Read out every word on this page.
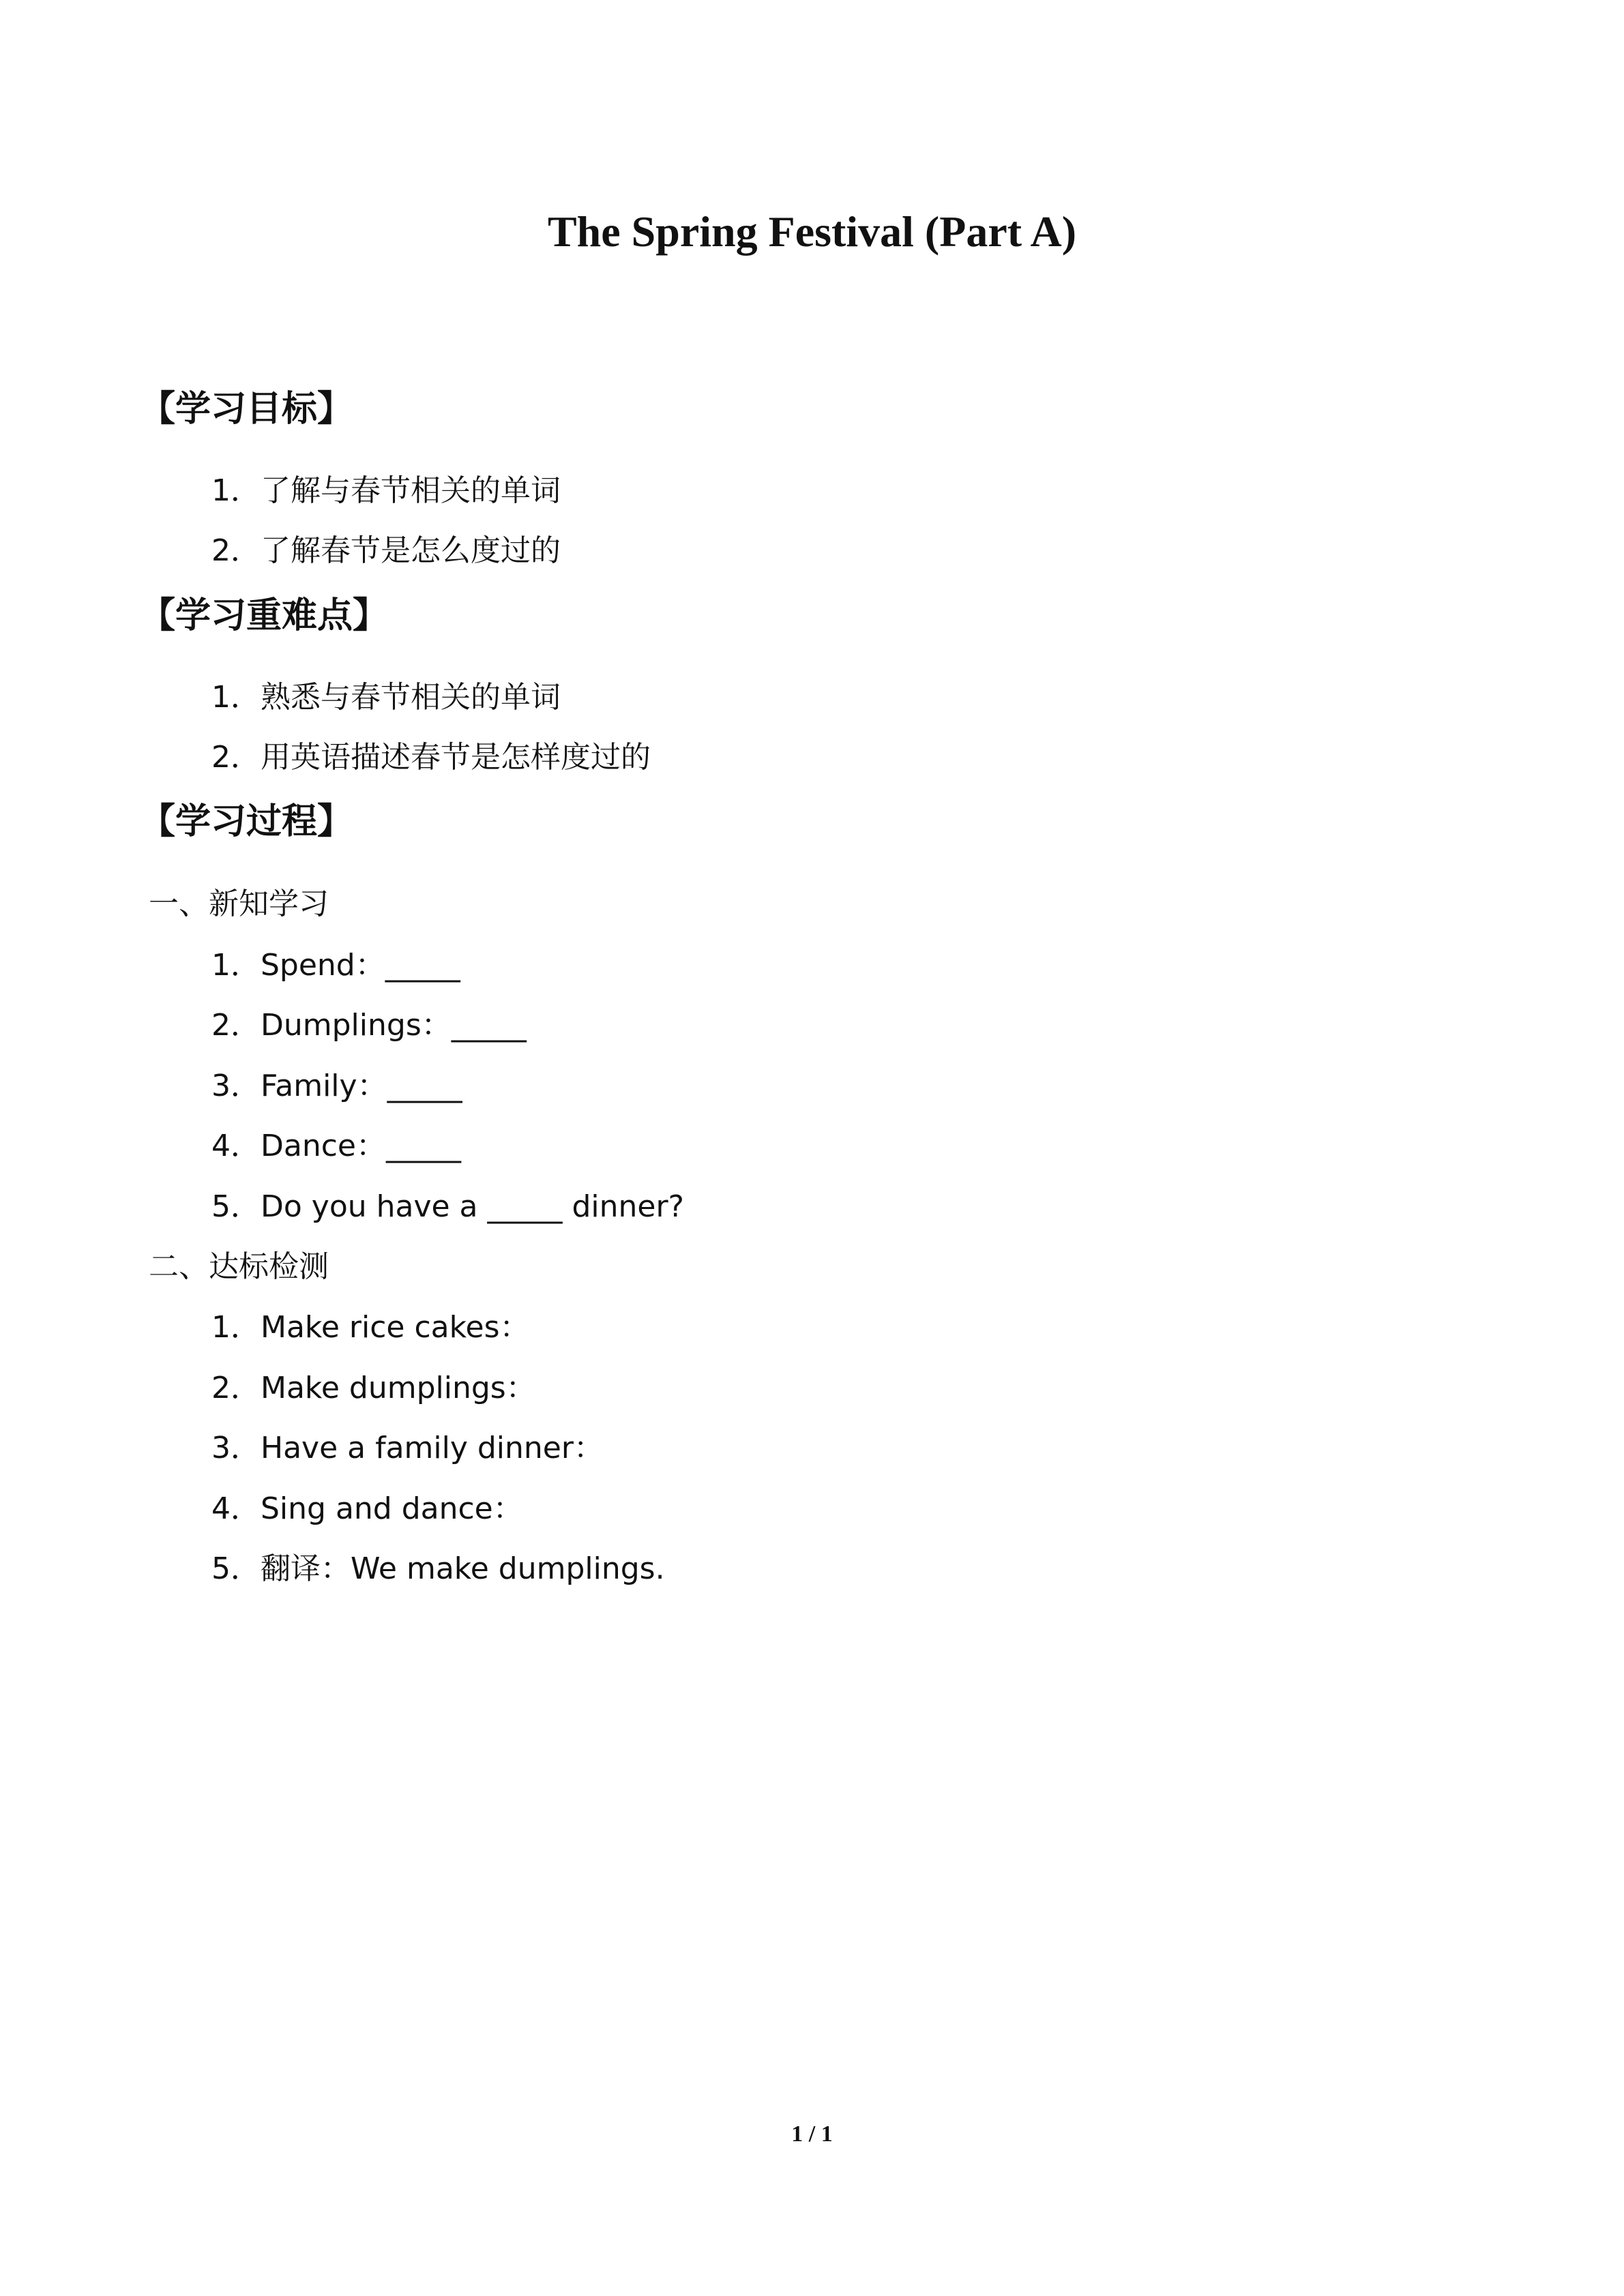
The Spring Festival (Part A)
【学习目标】

1．了解与春节相关的单词

2．了解春节是怎么度过的

【学习重难点】

1．熟悉与春节相关的单词

2．用英语描述春节是怎样度过的

【学习过程】

一、新知学习

1．Spend：_____

2．Dumplings：_____

3．Family：_____

4．Dance：_____

5．Do you have a _____ dinner?

二、达标检测

1．Make rice cakes：

2．Make dumplings：

3．Have a family dinner：

4．Sing and dance：

5．翻译：We make dumplings.

1 / 1
